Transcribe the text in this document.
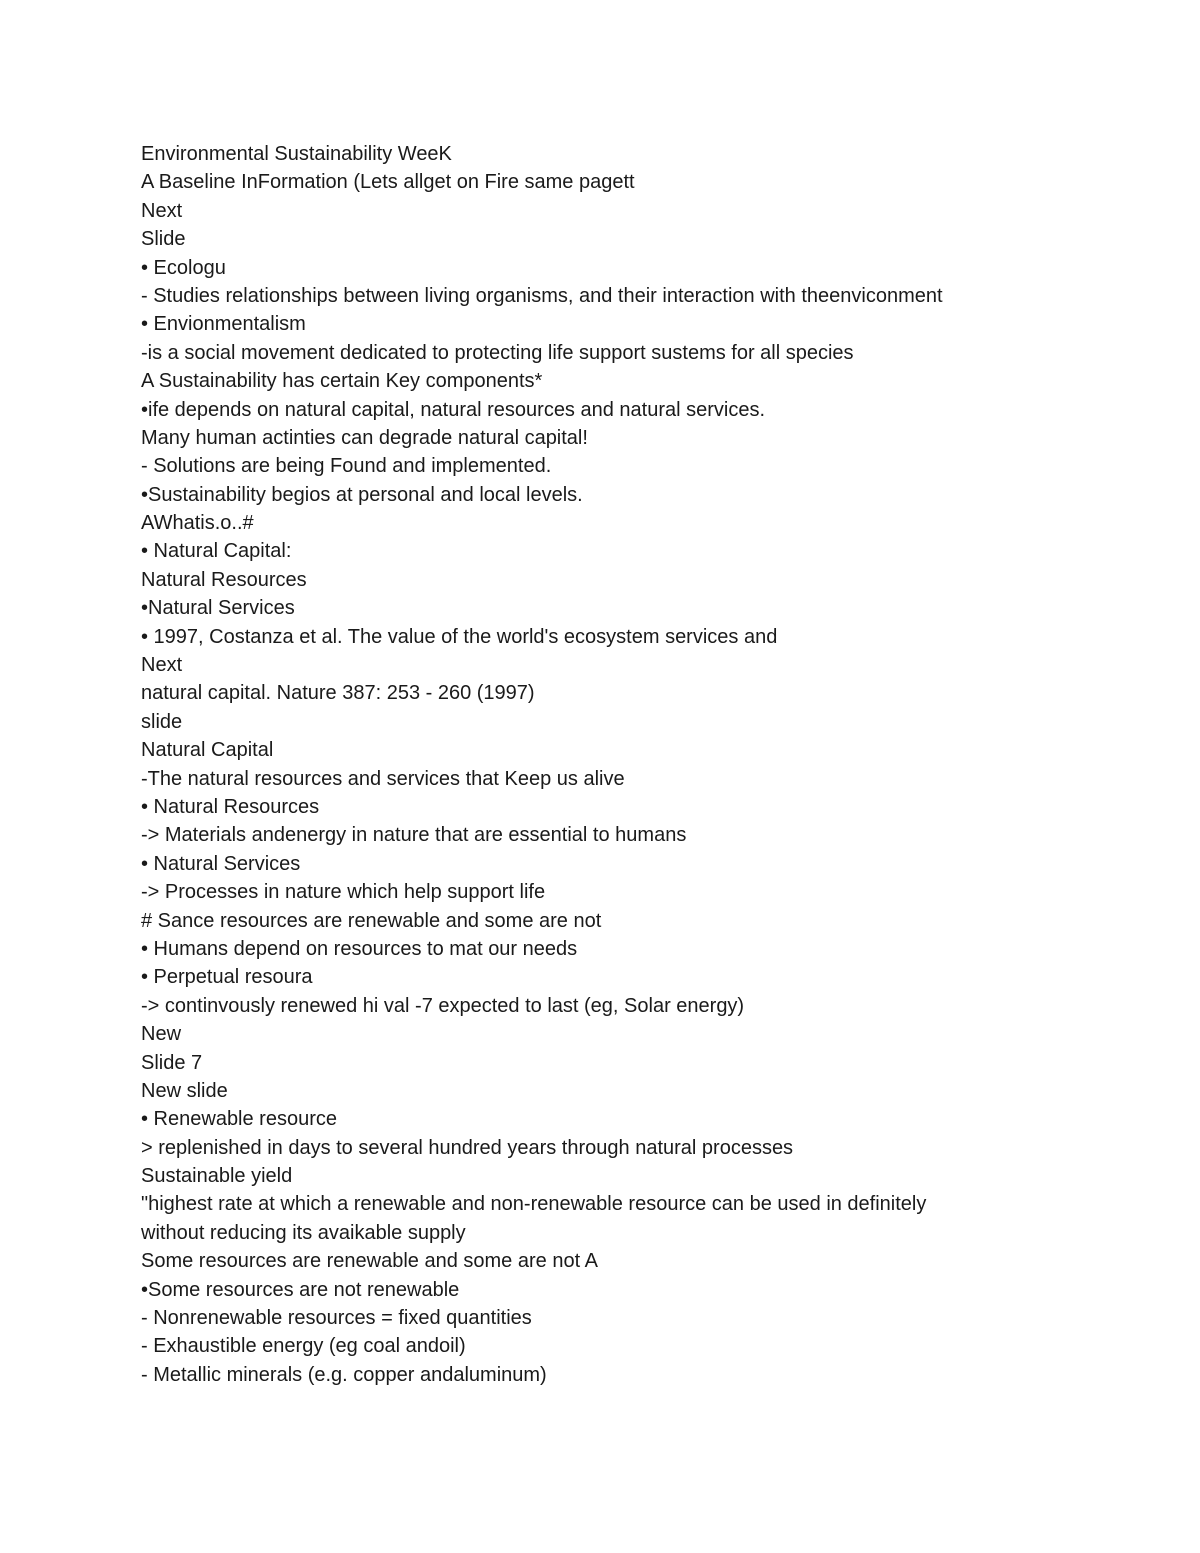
Environmental Sustainability WeeK
A Baseline InFormation (Lets allget on Fire same pagett
Next
Slide
• Ecologu
- Studies relationships between living organisms, and their interaction with theenviconment
• Envionmentalism
-is a social movement dedicated to protecting life support sustems for all species
A Sustainability has certain Key components*
•ife depends on natural capital, natural resources and natural services.
Many human actinties can degrade natural capital!
- Solutions are being Found and implemented.
•Sustainability begios at personal and local levels.
AWhatis.o..#
• Natural Capital:
Natural Resources
•Natural Services
• 1997, Costanza et al. The value of the world's ecosystem services and
Next
natural capital. Nature 387: 253 - 260 (1997)
slide
Natural Capital
-The natural resources and services that Keep us alive
• Natural Resources
-> Materials andenergy in nature that are essential to humans
• Natural Services
-> Processes in nature which help support life
# Sance resources are renewable and some are not
• Humans depend on resources to mat our needs
• Perpetual resoura
-> continvously renewed hi val -7 expected to last (eg, Solar energy)
New
Slide 7
New slide
• Renewable resource
> replenished in days to several hundred years through natural processes
Sustainable yield
"highest rate at which a renewable and non-renewable resource can be used in definitely
without reducing its avaikable supply
Some resources are renewable and some are not A
•Some resources are not renewable
- Nonrenewable resources = fixed quantities
- Exhaustible energy (eg coal andoil)
- Metallic minerals (e.g. copper andaluminum)
